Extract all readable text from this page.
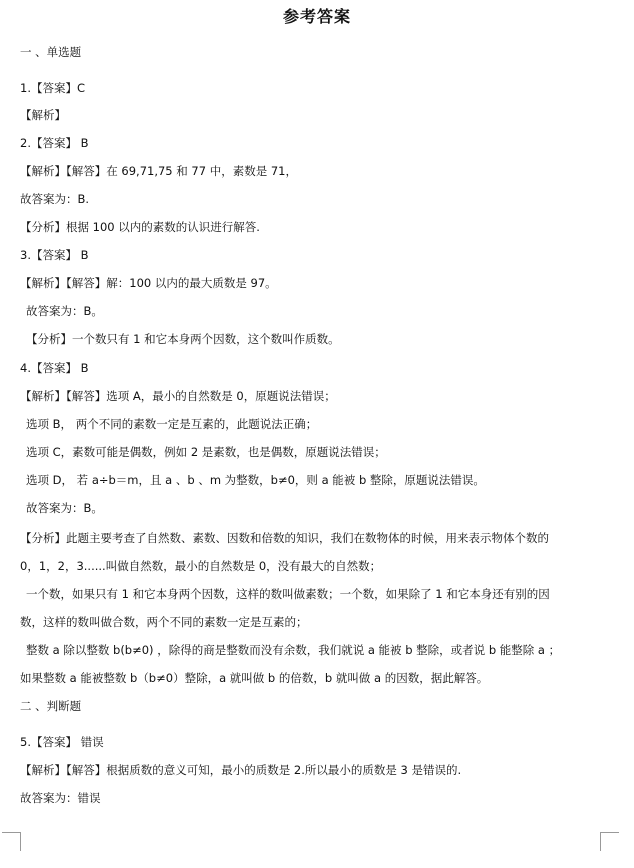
参考答案
一 、单选题
1.【答案】C
【解析】
2.【答案】 B
【解析】【解答】在 69,71,75 和 77 中，素数是 71，
故答案为：B.
【分析】根据 100 以内的素数的认识进行解答.
3.【答案】 B
【解析】【解答】解：100 以内的最大质数是 97。
故答案为：B。
【分析】一个数只有 1 和它本身两个因数，这个数叫作质数。
4.【答案】 B
【解析】【解答】选项 A，最小的自然数是 0，原题说法错误；
选项 B， 两个不同的素数一定是互素的，此题说法正确；
选项 C，素数可能是偶数，例如 2 是素数，也是偶数，原题说法错误；
选项 D， 若 a÷b＝m，且 a 、b 、m 为整数，b≠0，则 a 能被 b 整除，原题说法错误。
故答案为：B。
【分析】此题主要考查了自然数、素数、因数和倍数的知识，我们在数物体的时候，用来表示物体个数的
0，1，2，3......叫做自然数，最小的自然数是 0，没有最大的自然数；
一个数，如果只有 1 和它本身两个因数，这样的数叫做素数；一个数，如果除了 1 和它本身还有别的因
数，这样的数叫做合数，两个不同的素数一定是互素的；
整数 a 除以整数 b(b≠0) ，除得的商是整数而没有余数，我们就说 a 能被 b 整除，或者说 b 能整除 a ；
如果整数 a 能被整数 b（b≠0）整除，a 就叫做 b 的倍数，b 就叫做 a 的因数，据此解答。
二 、判断题
5.【答案】 错误
【解析】【解答】根据质数的意义可知，最小的质数是 2.所以最小的质数是 3 是错误的.
故答案为：错误
